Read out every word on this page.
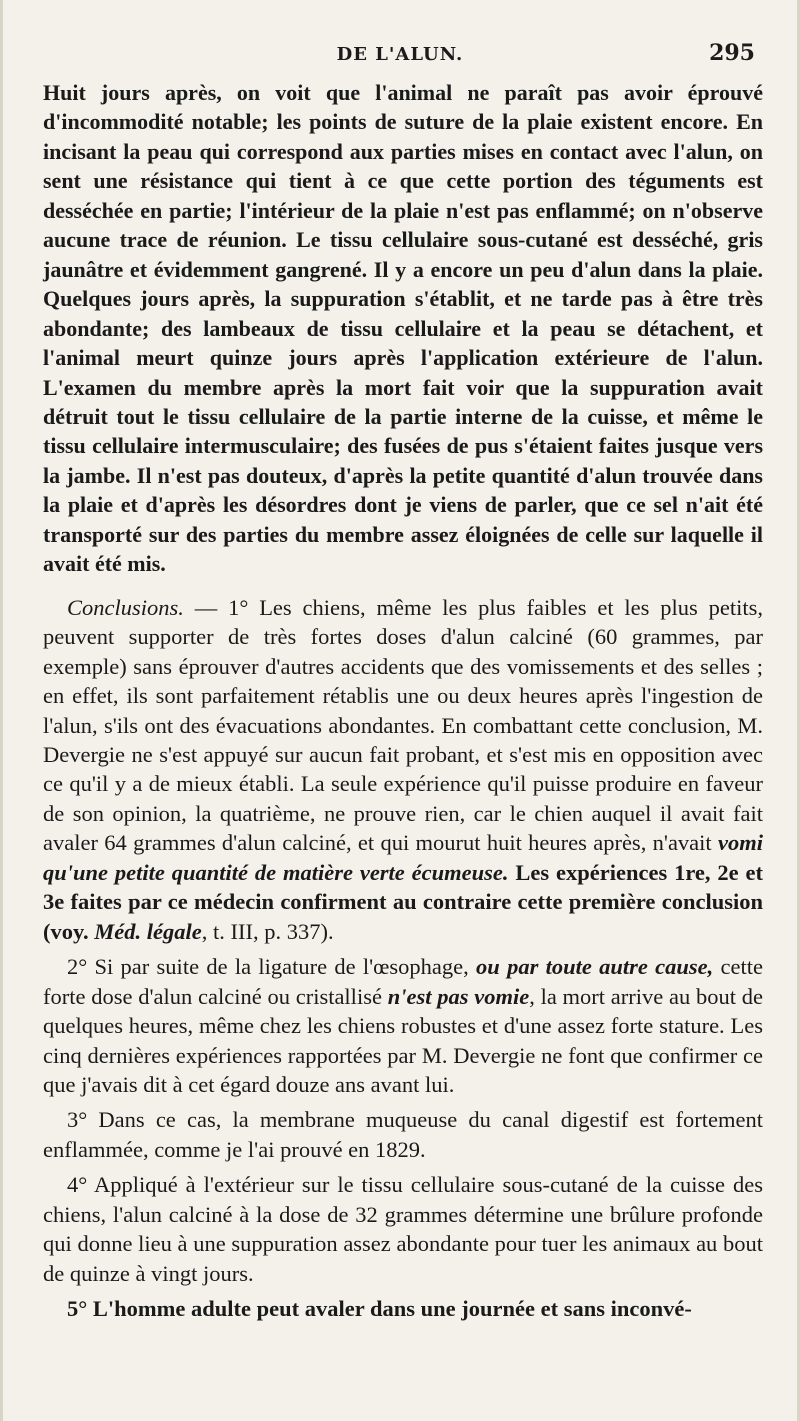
DE L'ALUN.	295

Huit jours après, on voit que l'animal ne paraît pas avoir éprouvé d'incommodité notable; les points de suture de la plaie existent encore. En incisant la peau qui correspond aux parties mises en contact avec l'alun, on sent une résistance qui tient à ce que cette portion des téguments est desséchée en partie; l'intérieur de la plaie n'est pas enflammé; on n'observe aucune trace de réunion. Le tissu cellulaire sous-cutané est desséché, gris jaunâtre et évidemment gangrené. Il y a encore un peu d'alun dans la plaie. Quelques jours après, la suppuration s'établit, et ne tarde pas à être très abondante; des lambeaux de tissu cellulaire et la peau se détachent, et l'animal meurt quinze jours après l'application extérieure de l'alun. L'examen du membre après la mort fait voir que la suppuration avait détruit tout le tissu cellulaire de la partie interne de la cuisse, et même le tissu cellulaire intermusculaire; des fusées de pus s'étaient faites jusque vers la jambe. Il n'est pas douteux, d'après la petite quantité d'alun trouvée dans la plaie et d'après les désordres dont je viens de parler, que ce sel n'ait été transporté sur des parties du membre assez éloignées de celle sur laquelle il avait été mis.

Conclusions. — 1° Les chiens, même les plus faibles et les plus petits, peuvent supporter de très fortes doses d'alun calciné (60 grammes, par exemple) sans éprouver d'autres accidents que des vomissements et des selles ; en effet, ils sont parfaitement rétablis une ou deux heures après l'ingestion de l'alun, s'ils ont des évacuations abondantes. En combattant cette conclusion, M. Devergie ne s'est appuyé sur aucun fait probant, et s'est mis en opposition avec ce qu'il y a de mieux établi. La seule expérience qu'il puisse produire en faveur de son opinion, la quatrième, ne prouve rien, car le chien auquel il avait fait avaler 64 grammes d'alun calciné, et qui mourut huit heures après, n'avait vomi qu'une petite quantité de matière verte écumeuse. Les expériences 1re, 2e et 3e faites par ce médecin confirment au contraire cette première conclusion (voy. Méd. légale, t. III, p. 337).

2° Si par suite de la ligature de l'œsophage, ou par toute autre cause, cette forte dose d'alun calciné ou cristallisé n'est pas vomie, la mort arrive au bout de quelques heures, même chez les chiens robustes et d'une assez forte stature. Les cinq dernières expériences rapportées par M. Devergie ne font que confirmer ce que j'avais dit à cet égard douze ans avant lui.

3° Dans ce cas, la membrane muqueuse du canal digestif est fortement enflammée, comme je l'ai prouvé en 1829.

4° Appliqué à l'extérieur sur le tissu cellulaire sous-cutané de la cuisse des chiens, l'alun calciné à la dose de 32 grammes détermine une brûlure profonde qui donne lieu à une suppuration assez abondante pour tuer les animaux au bout de quinze à vingt jours.

5° L'homme adulte peut avaler dans une journée et sans inconvé-
